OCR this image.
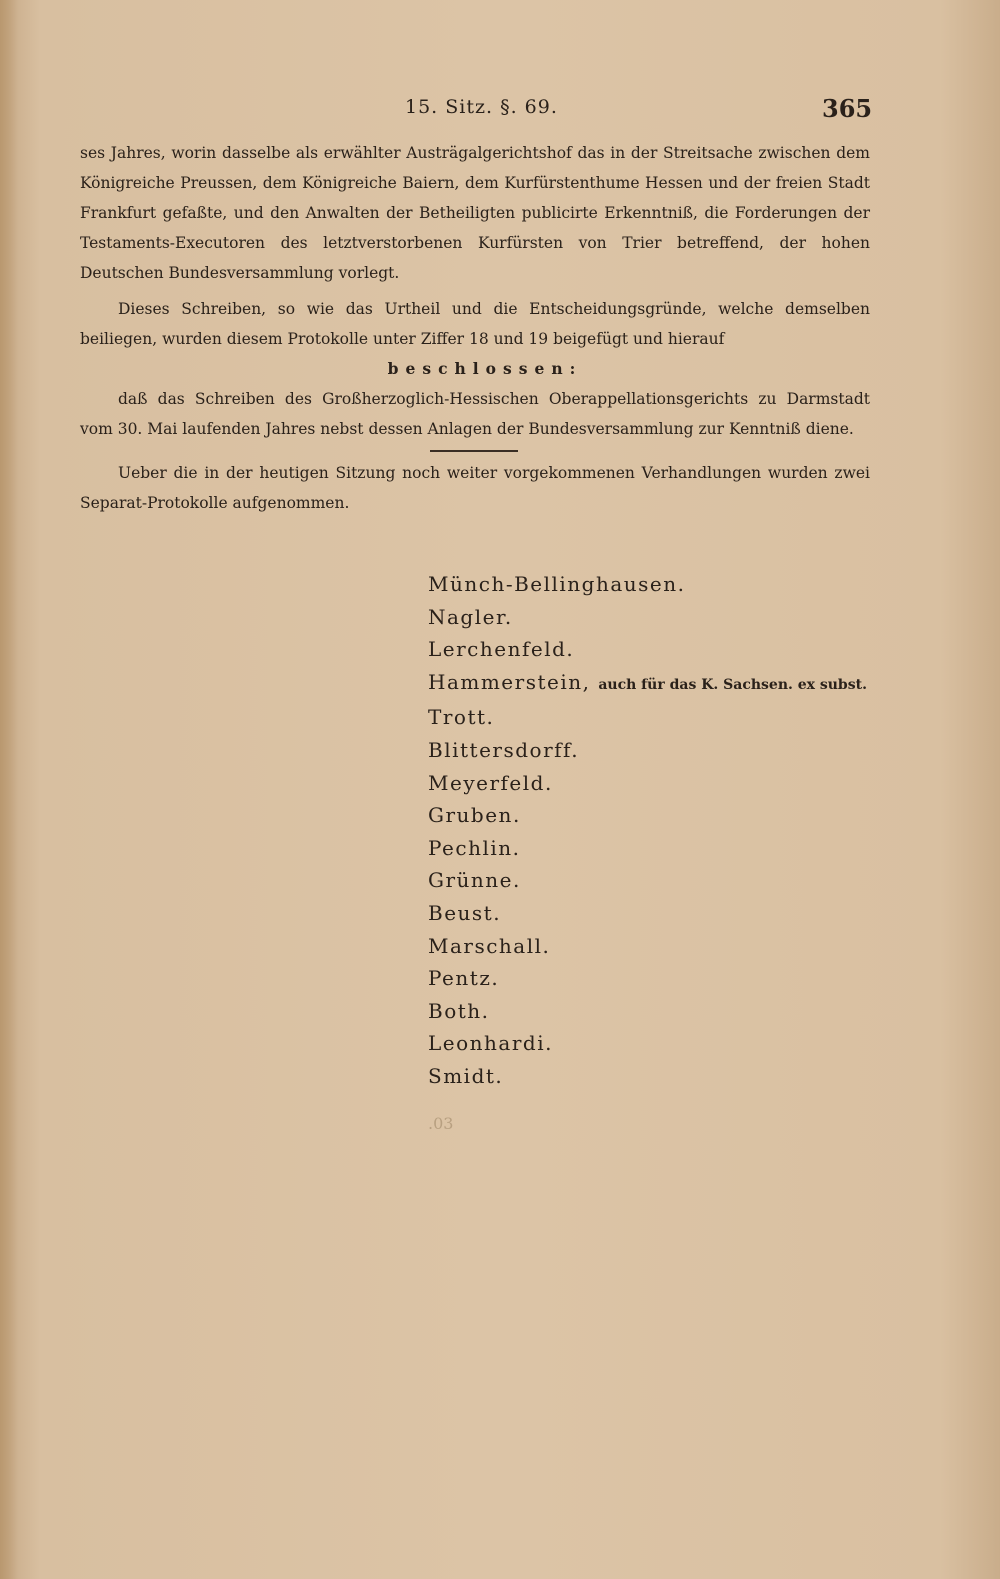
15. Sitz. §. 69.	365

ses Jahres, worin dasselbe als erwählter Austrägalgerichtshof das in der Streitsache zwischen dem Königreiche Preussen, dem Königreiche Baiern, dem Kurfürstenthume Hessen und der freien Stadt Frankfurt gefaßte, und den Anwalten der Betheiligten publicirte Erkenntniß, die Forderungen der Testaments-Executoren des letztverstorbenen Kurfürsten von Trier betreffend, der hohen Deutschen Bundesversammlung vorlegt.

Dieses Schreiben, so wie das Urtheil und die Entscheidungsgründe, welche demselben beiliegen, wurden diesem Protokolle unter Ziffer 18 und 19 beigefügt und hierauf

beschlossen:

daß das Schreiben des Großherzoglich-Hessischen Oberappellationsgerichts zu Darmstadt vom 30. Mai laufenden Jahres nebst dessen Anlagen der Bundesversammlung zur Kenntniß diene.

Ueber die in der heutigen Sitzung noch weiter vorgekommenen Verhandlungen wurden zwei Separat-Protokolle aufgenommen.

Münch-Bellinghausen.
Nagler.
Lerchenfeld.
Hammerstein, auch für das K. Sachsen. ex subst.
Trott.
Blittersdorff.
Meyerfeld.
Gruben.
Pechlin.
Grünne.
Beust.
Marschall.
Pentz.
Both.
Leonhardi.
Smidt.
.03
